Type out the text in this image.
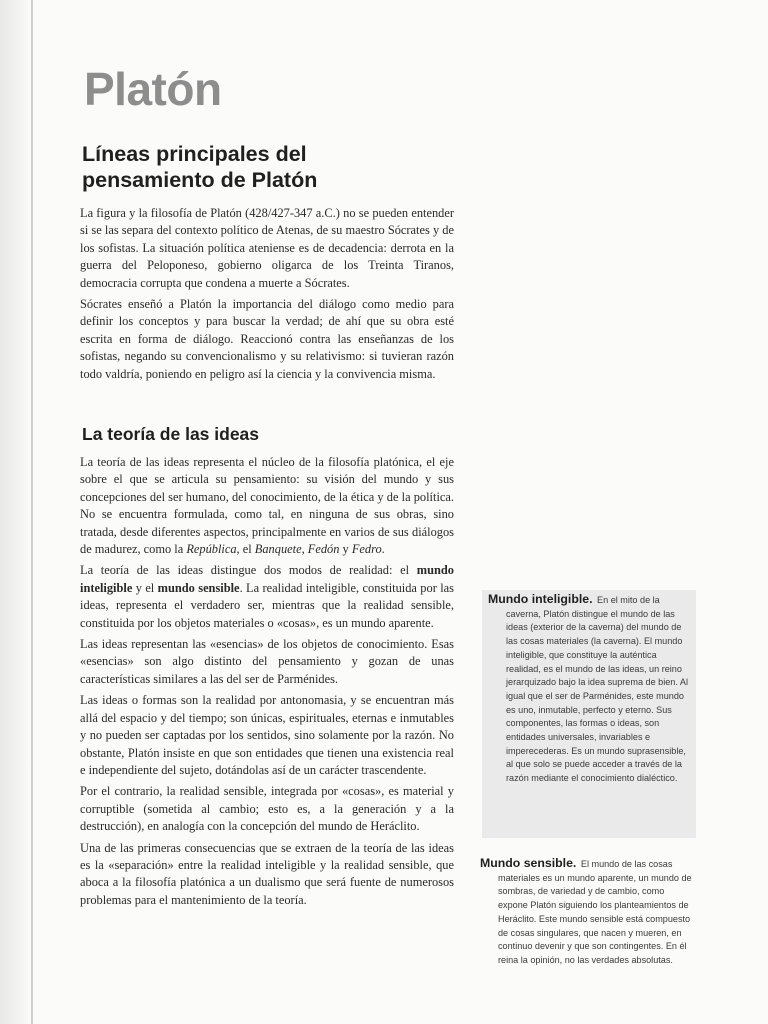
Platón
Líneas principales del pensamiento de Platón

La figura y la filosofía de Platón (428/427-347 a.C.) no se pueden entender si se las separa del contexto político de Atenas, de su maestro Sócrates y de los sofistas. La situación política ateniense es de decadencia: derrota en la guerra del Peloponeso, gobierno oligarca de los Treinta Tiranos, democracia corrupta que condena a muerte a Sócrates.

Sócrates enseñó a Platón la importancia del diálogo como medio para definir los conceptos y para buscar la verdad; de ahí que su obra esté escrita en forma de diálogo. Reaccionó contra las enseñanzas de los sofistas, negando su convencionalismo y su relativismo: si tuvieran razón todo valdría, poniendo en peligro así la ciencia y la convivencia misma.

La teoría de las ideas

La teoría de las ideas representa el núcleo de la filosofía platónica, el eje sobre el que se articula su pensamiento: su visión del mundo y sus concepciones del ser humano, del conocimiento, de la ética y de la política. No se encuentra formulada, como tal, en ninguna de sus obras, sino tratada, desde diferentes aspectos, principalmente en varios de sus diálogos de madurez, como la República, el Banquete, Fedón y Fedro.

La teoría de las ideas distingue dos modos de realidad: el mundo inteligible y el mundo sensible. La realidad inteligible, constituida por las ideas, representa el verdadero ser, mientras que la realidad sensible, constituida por los objetos materiales o «cosas», es un mundo aparente.

Las ideas representan las «esencias» de los objetos de conocimiento. Esas «esencias» son algo distinto del pensamiento y gozan de unas características similares a las del ser de Parménides.

Las ideas o formas son la realidad por antonomasia, y se encuentran más allá del espacio y del tiempo; son únicas, espirituales, eternas e inmutables y no pueden ser captadas por los sentidos, sino solamente por la razón. No obstante, Platón insiste en que son entidades que tienen una existencia real e independiente del sujeto, dotándolas así de un carácter trascendente.

Por el contrario, la realidad sensible, integrada por «cosas», es material y corruptible (sometida al cambio; esto es, a la generación y a la destrucción), en analogía con la concepción del mundo de Heráclito.

Una de las primeras consecuencias que se extraen de la teoría de las ideas es la «separación» entre la realidad inteligible y la realidad sensible, que aboca a la filosofía platónica a un dualismo que será fuente de numerosos problemas para el mantenimiento de la teoría.

Mundo inteligible. En el mito de la caverna, Platón distingue el mundo de las ideas (exterior de la caverna) del mundo de las cosas materiales (la caverna). El mundo inteligible, que constituye la auténtica realidad, es el mundo de las ideas, un reino jerarquizado bajo la idea suprema de bien. Al igual que el ser de Parménides, este mundo es uno, inmutable, perfecto y eterno. Sus componentes, las formas o ideas, son entidades universales, invariables e imperecederas. Es un mundo suprasensible, al que solo se puede acceder a través de la razón mediante el conocimiento dialéctico.
Mundo sensible. El mundo de las cosas materiales es un mundo aparente, un mundo de sombras, de variedad y de cambio, como expone Platón siguiendo los planteamientos de Heráclito. Este mundo sensible está compuesto de cosas singulares, que nacen y mueren, en continuo devenir y que son contingentes. En él reina la opinión, no las verdades absolutas.
